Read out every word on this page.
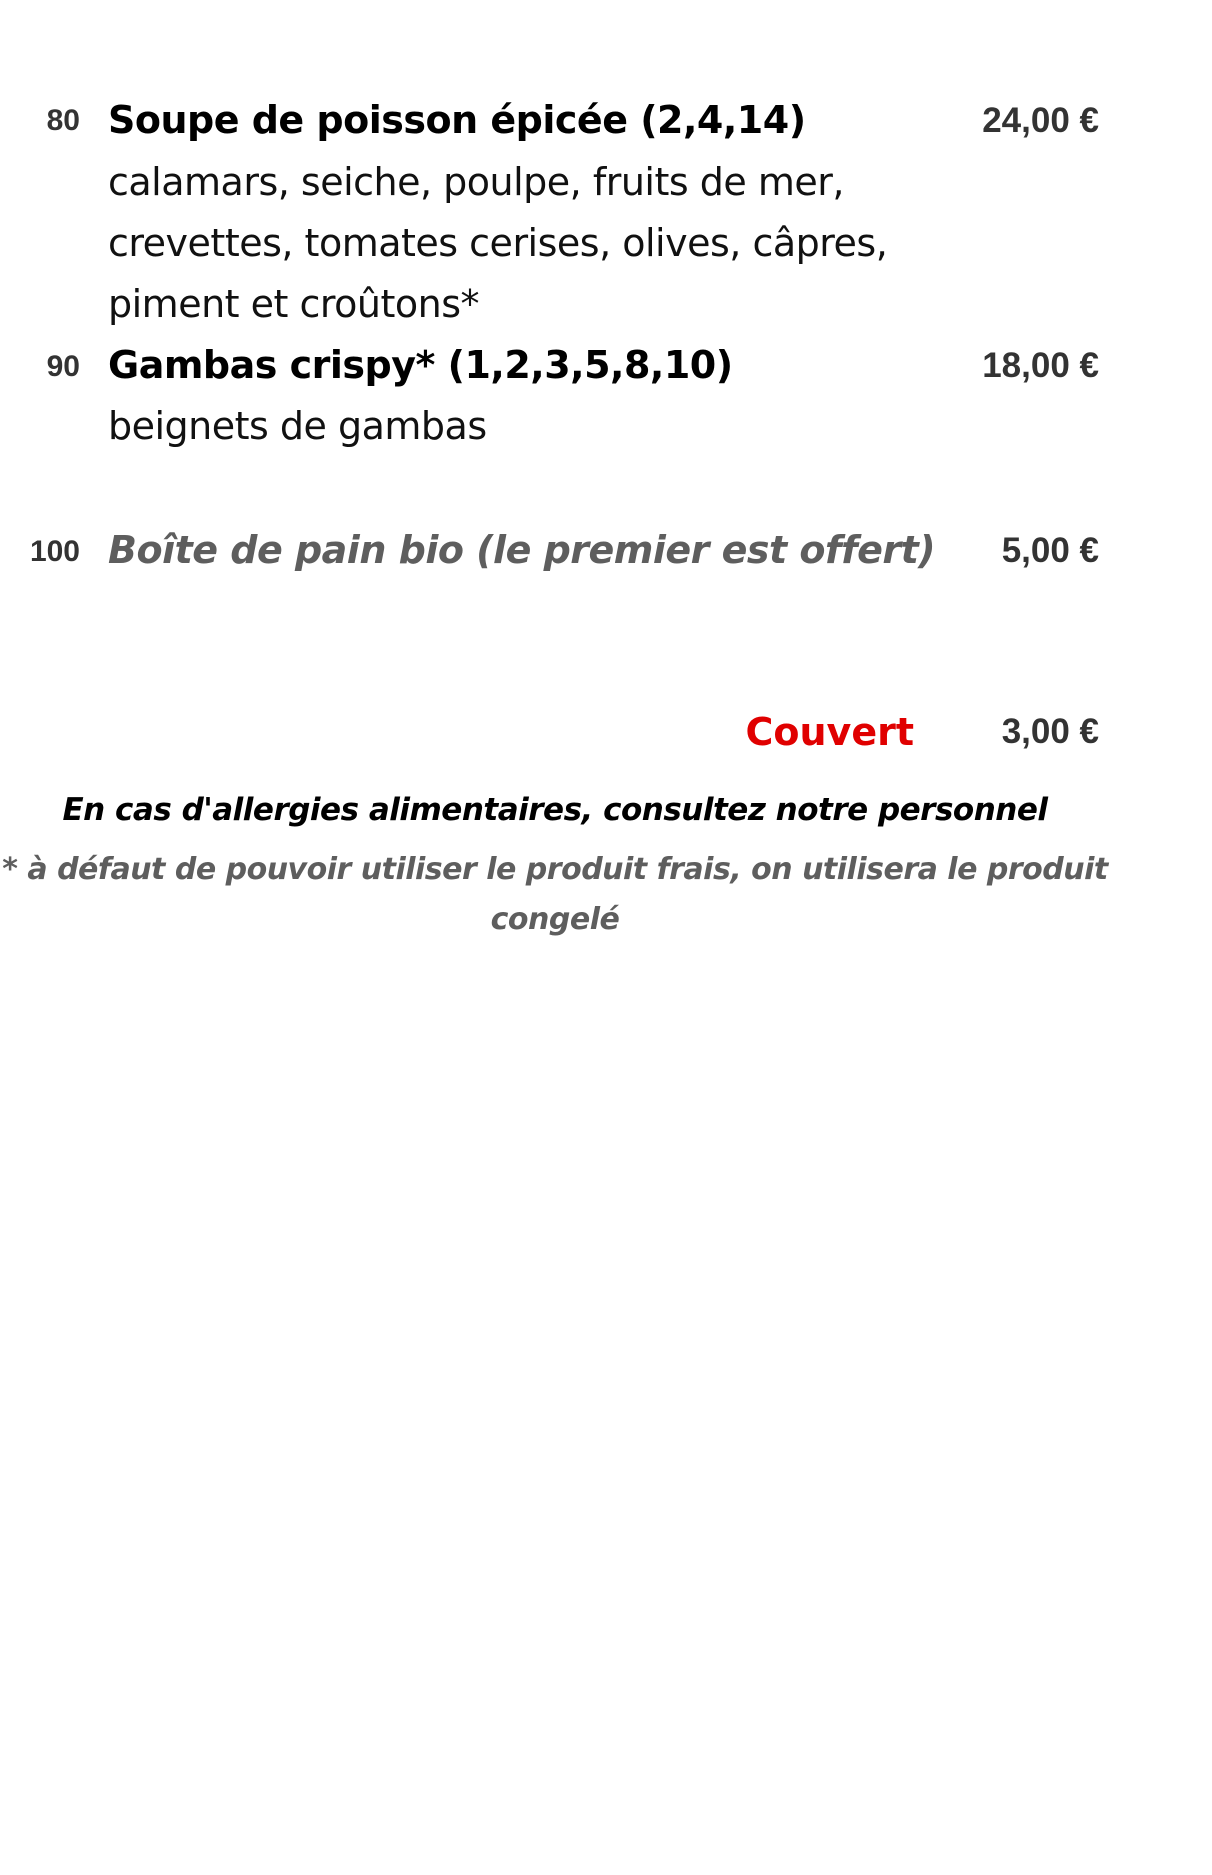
80 Soupe de poisson épicée (2,4,14)	24,00 €
calamars, seiche, poulpe, fruits de mer,
crevettes, tomates cerises, olives, câpres,
piment et croûtons*
90 Gambas crispy* (1,2,3,5,8,10)	18,00 €
beignets de gambas
100 Boîte de pain bio (le premier est offert) 5,00 €
Couvert	3,00 €
En cas d'allergies alimentaires, consultez notre personnel
* à défaut de pouvoir utiliser le produit frais, on utilisera le produit
congelé
